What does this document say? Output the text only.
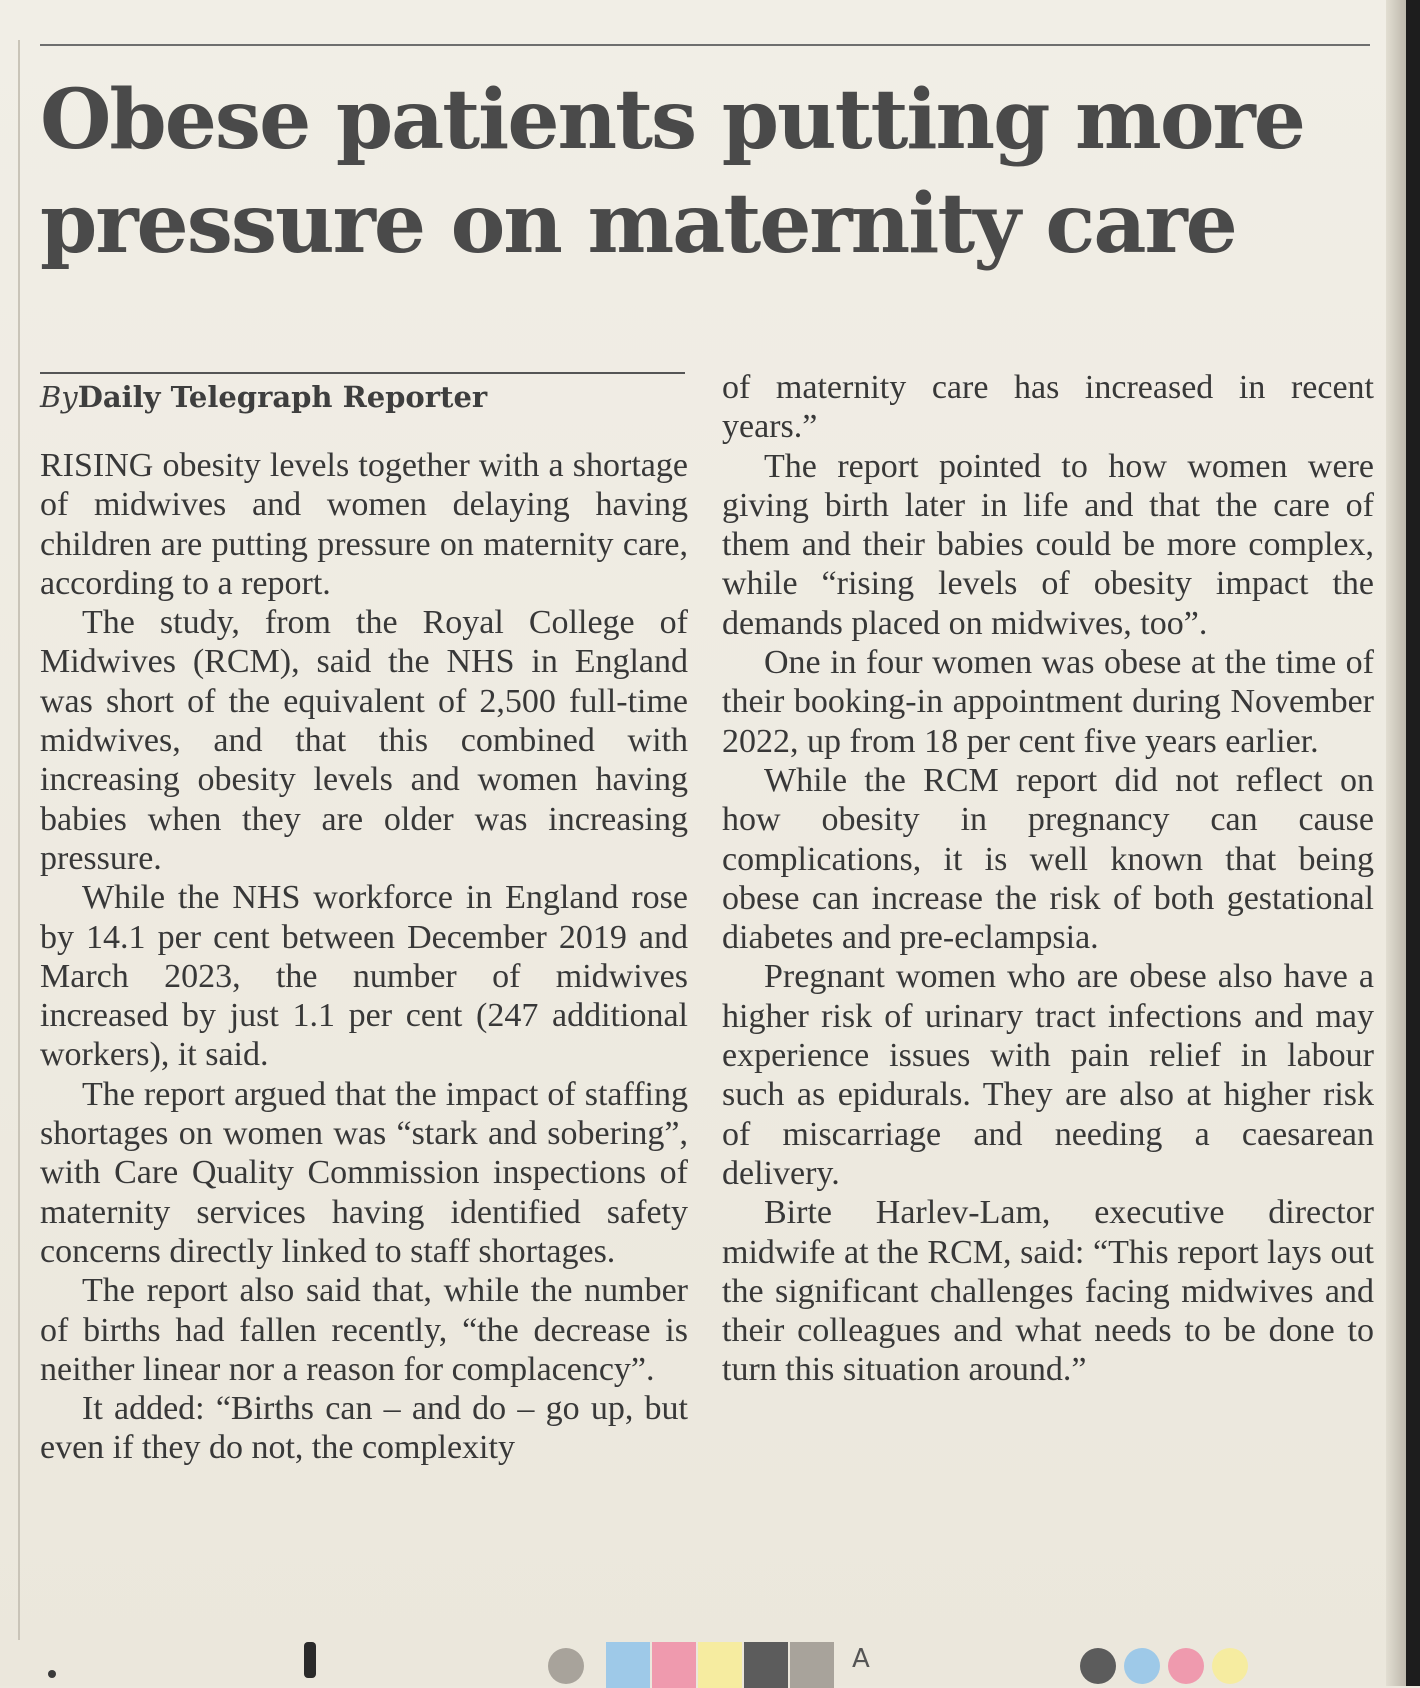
Obese patients putting more
pressure on maternity care
ByDaily Telegraph Reporter

RISING obesity levels together with a shortage of midwives and women delaying having children are putting pressure on maternity care, according to a report.

The study, from the Royal College of Midwives (RCM), said the NHS in England was short of the equivalent of 2,500 full-time midwives, and that this combined with increasing obesity levels and women having babies when they are older was increasing pressure.

While the NHS workforce in England rose by 14.1 per cent between December 2019 and March 2023, the number of midwives increased by just 1.1 per cent (247 additional workers), it said.

The report argued that the impact of staffing shortages on women was “stark and sobering”, with Care Quality Commission inspections of maternity services having identified safety concerns directly linked to staff shortages.

The report also said that, while the number of births had fallen recently, “the decrease is neither linear nor a reason for complacency”.

It added: “Births can – and do – go up, but even if they do not, the complexity

of maternity care has increased in recent years.”

The report pointed to how women were giving birth later in life and that the care of them and their babies could be more complex, while “rising levels of obesity impact the demands placed on midwives, too”.

One in four women was obese at the time of their booking-in appointment during November 2022, up from 18 per cent five years earlier.

While the RCM report did not reflect on how obesity in pregnancy can cause complications, it is well known that being obese can increase the risk of both gestational diabetes and pre-eclampsia.

Pregnant women who are obese also have a higher risk of urinary tract infections and may experience issues with pain relief in labour such as epidurals. They are also at higher risk of miscarriage and needing a caesarean delivery.

Birte Harlev-Lam, executive director midwife at the RCM, said: “This report lays out the significant challenges facing midwives and their colleagues and what needs to be done to turn this situation around.”

A
